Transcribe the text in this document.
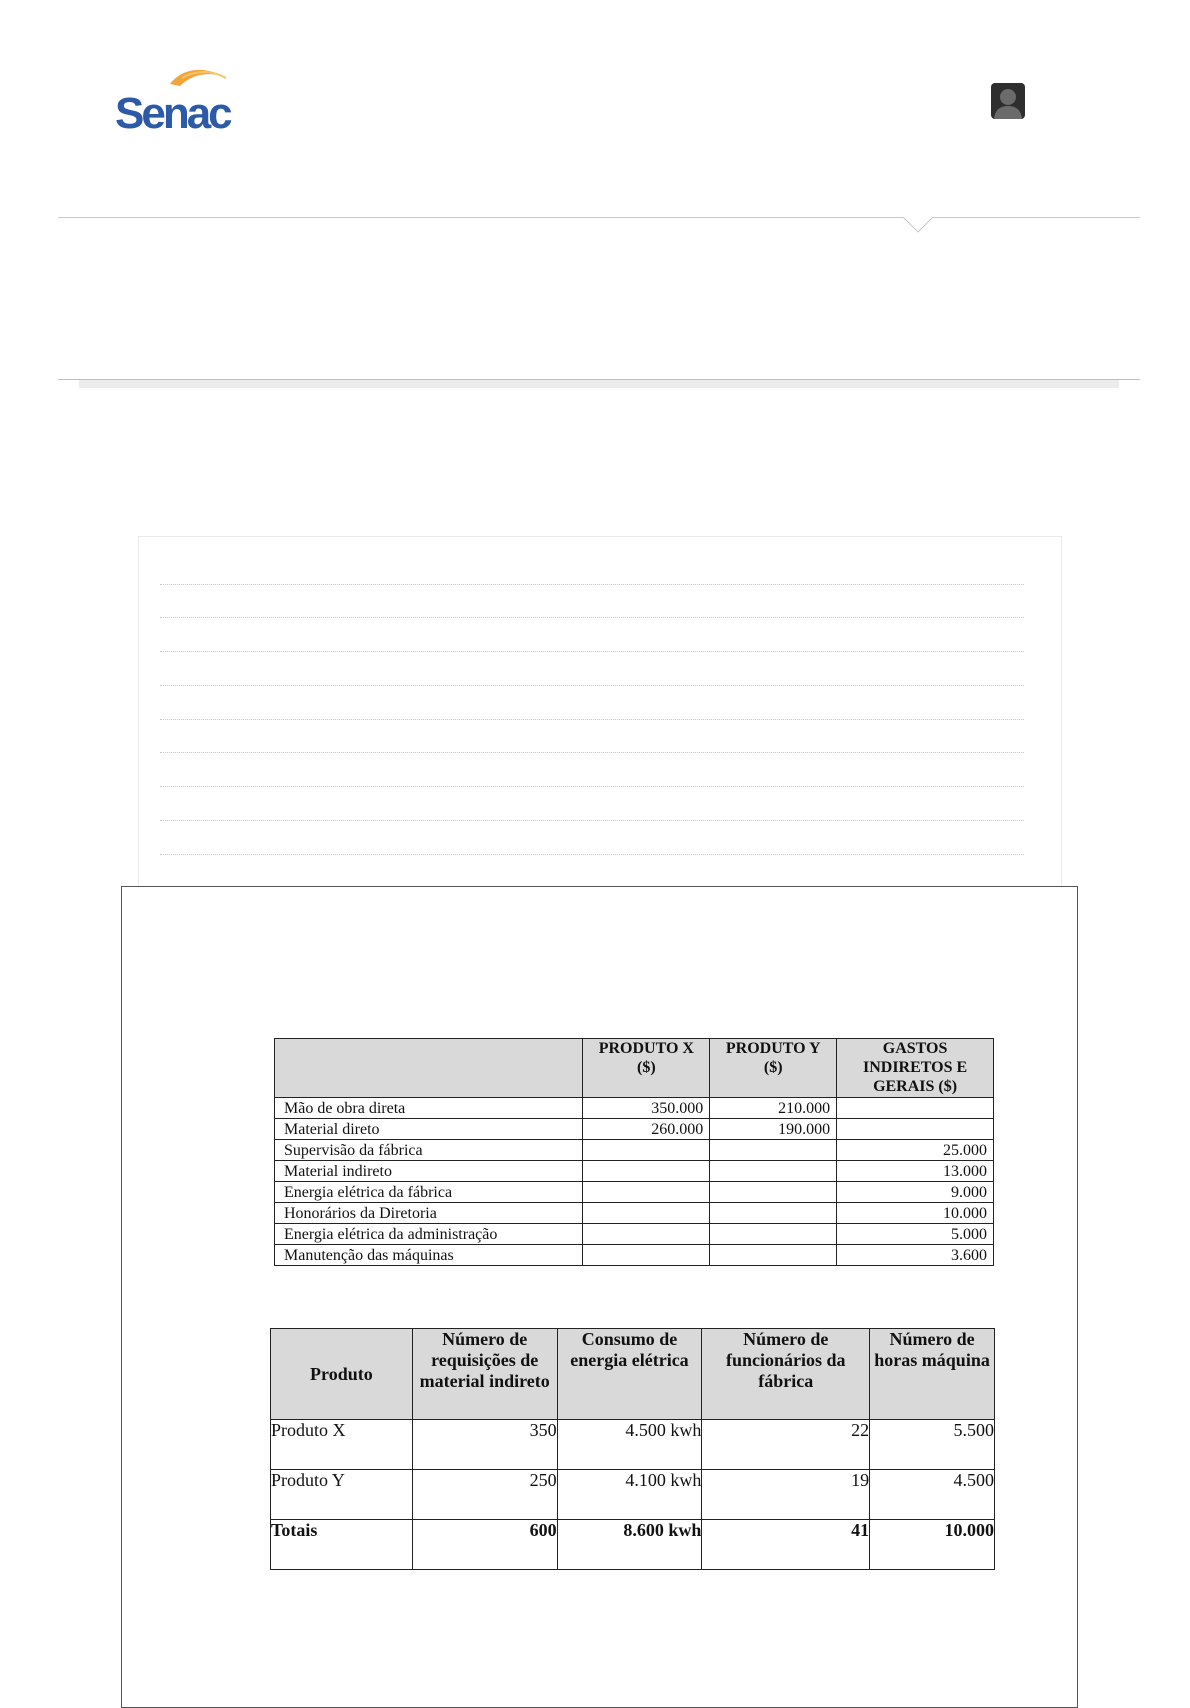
Senac
	PRODUTO X ($)	PRODUTO Y ($)	GASTOS INDIRETOS E GERAIS ($)
Mão de obra direta	350.000	210.000	
Material direto	260.000	190.000	
Supervisão da fábrica			25.000
Material indireto			13.000
Energia elétrica da fábrica			9.000
Honorários da Diretoria			10.000
Energia elétrica da administração			5.000
Manutenção das máquinas			3.600
Produto	Número de requisições de material indireto	Consumo de energia elétrica	Número de funcionários da fábrica	Número de horas máquina
Produto X	350	4.500 kwh	22	5.500
Produto Y	250	4.100 kwh	19	4.500
Totais	600	8.600 kwh	41	10.000
